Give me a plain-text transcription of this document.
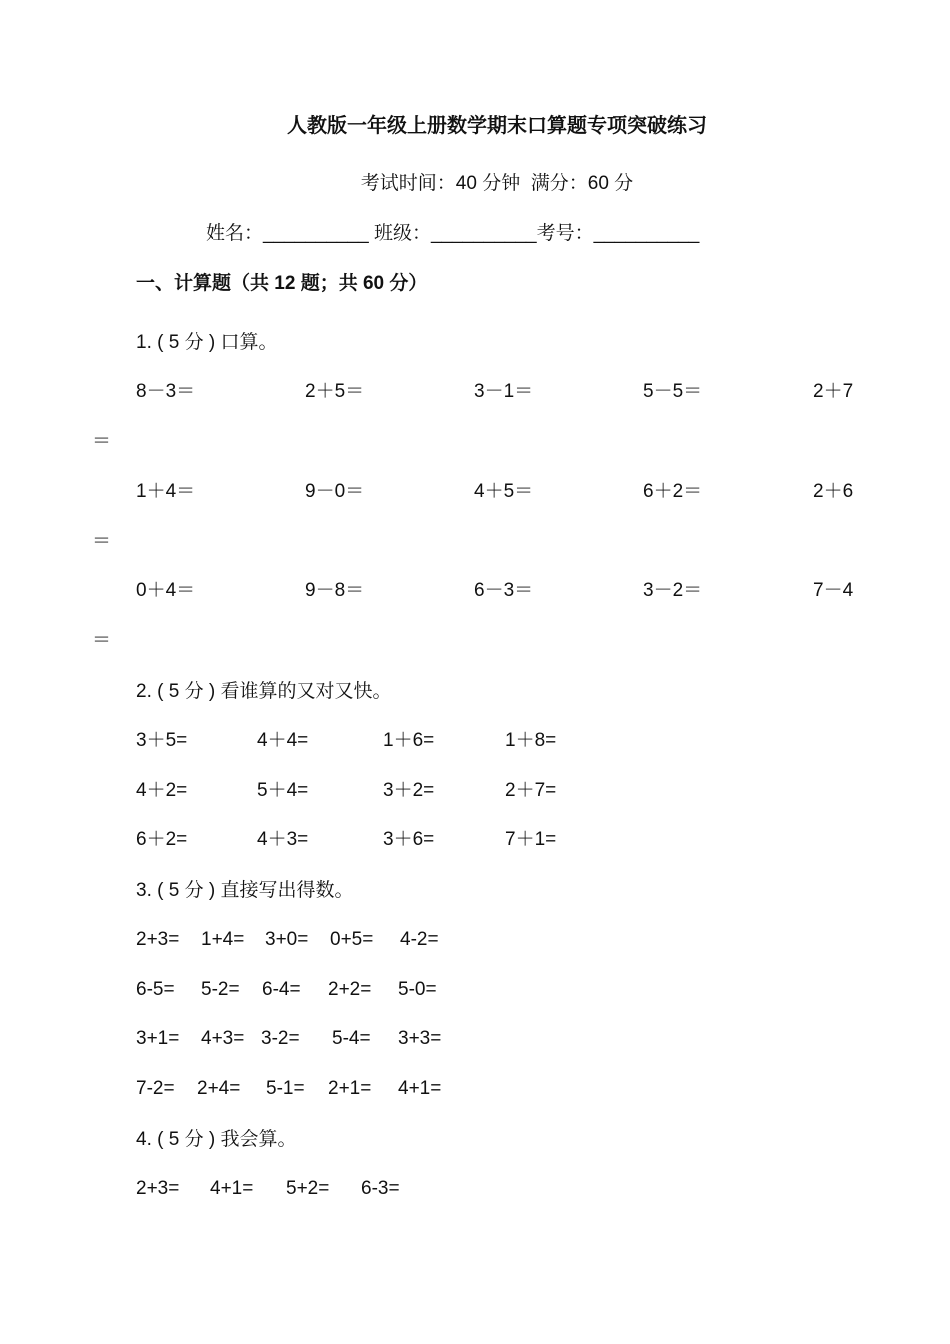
人教版一年级上册数学期末口算题专项突破练习
考试时间：40 分钟  满分：60 分
姓名：__________ 班级：__________考号：__________
一、计算题（共 12 题；共 60 分）
1. ( 5 分 ) 口算。
8－3＝	2＋5＝	3－1＝	5－5＝	2＋7
＝
1＋4＝	9－0＝	4＋5＝	6＋2＝	2＋6
＝
0＋4＝	9－8＝	6－3＝	3－2＝	7－4
＝
2. ( 5 分 ) 看谁算的又对又快。
3＋5=	4＋4=	1＋6=	1＋8=
4＋2=	5＋4=	3＋2=	2＋7=
6＋2=	4＋3=	3＋6=	7＋1=
3. ( 5 分 ) 直接写出得数。
2+3= 1+4= 3+0= 0+5= 4-2=
6-5= 5-2= 6-4= 2+2= 5-0=
3+1= 4+3= 3-2= 5-4= 3+3=
7-2= 2+4= 5-1= 2+1= 4+1=
4. ( 5 分 ) 我会算。
2+3= 4+1= 5+2= 6-3=
